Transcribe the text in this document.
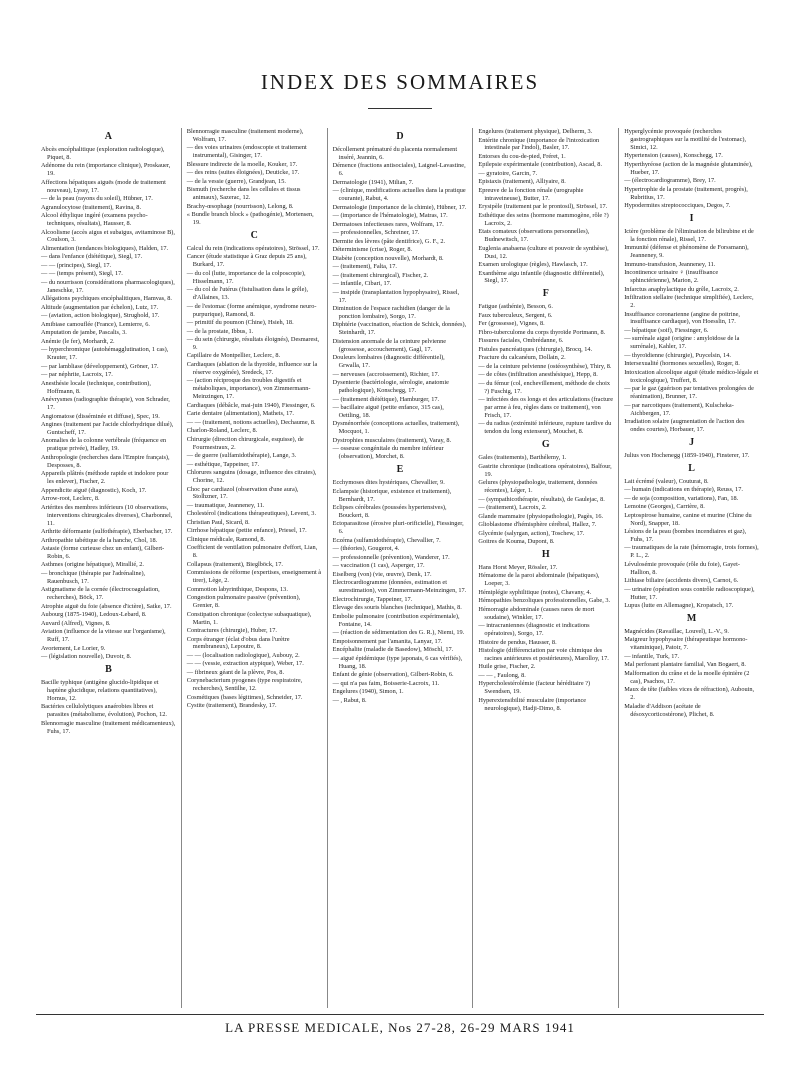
INDEX DES SOMMAIRES
A
Abcès encéphalitique (exploration radiologique), Piquet, 8.
Adénome du rein (importance clinique), Proskauer, 19.
Affections hépatiques aiguës (mode de traitement nouveau), Lyssy, 17.
— de la peau (rayons du soleil), Hübner, 17.
Agranulocytose (traitement), Ravina, 8.
Alcool éthylique ingéré (examens psycho-techniques, résultats), Hausser, 8.
Alcoolisme (accès aigus et subaigus, avitaminose B), Coulson, 3.
Alimentation (tendances biologiques), Halden, 17.
— dans l'enfance (diététique), Siegl, 17.
— — (principes), Siegl, 17.
— — (temps présent), Siegl, 17.
— du nourrisson (considérations pharmacologiques), Janeschke, 17.
Allégations psychiques encéphalitiques, Hamvas, 8.
Altitude (augmentation par échelon), Lutz, 17.
— (aviation, action biologique), Strughold, 17.
Amibiase camouflée (France), Lemierre, 6.
Amputation de jambe, Pascalis, 3.
Anémie (le fer), Morhardt, 2.
— hyperchromique (autohémagglutination, 1 cas), Krauter, 17.
— par lambliase (développement), Gröner, 17.
— par néphrite, Lacroix, 17.
Anesthésie locale (technique, contribution), Hoffmann, 8.
Anévrysmes (radiographie thérapie), von Schrader, 17.
Angiomatose (disséminée et diffuse), Spec, 19.
Angines (traitement par l'acide chlorhydrique dilué), Guntscheff, 17.
Anomalies de la colonne vertébrale (fréquence en pratique privée), Hadley, 19.
Anthropologie (recherches dans l'Empire français), Desposses, 8.
Appareils plâtrés (méthode rapide et indolore pour les enlever), Fischer, 2.
Appendicite aiguë (diagnostic), Koch, 17.
Arrow-root, Leclerc, 8.
Artérites des membres inférieurs (10 observations, interventions chirurgicales diverses), Charbonnel, 11.
Arthrite déformante (sulfothérapie), Eberbacher, 17.
Arthropathie tabétique de la hanche, Chol, 18.
Astasie (forme curieuse chez un enfant), Gilbert-Robin, 6.
Asthmes (origine hépatique), Mirallié, 2.
— bronchique (thérapie par l'adrénaline), Rauenbusch, 17.
Astigmatisme de la cornée (électrocoagulation, recherches), Böck, 17.
Atrophie aiguë du foie (absence d'ictère), Satke, 17.
Aubourg (1875-1940), Ledoux-Lebard, 8.
Auvard (Alfred), Vignes, 8.
Aviation (influence de la vitesse sur l'organisme), Ruff, 17.
Avortement, Le Lorier, 9.
— (législation nouvelle), Duvoir, 8.
B
Bacille typhique (antigène glucido-lipidique et haptène glucidique, relations quantitatives), Hornus, 12.
Bactéries cellulolytiques anaérobies libres et parasites (métabolisme, évolution), Pochon, 12.
Blennorragie masculine (traitement médicamenteux), Fuhs, 17.
Blennorragie masculine (traitement moderne), Wolfram, 17.
— des voies urinaires (endoscopie et traitement instrumental), Gisinger, 17.
Blessure indirecte de la moelle, Kouker, 17.
— des reins (suites éloignées), Deuticke, 17.
— de la vessie (guerre), Grandjean, 15.
Bismuth (recherche dans les cellules et tissus animaux), Sazerac, 12.
Brachy-œsophage (nourrisson), Lelong, 8.
« Bundle branch block » (pathogénie), Mortensen, 19.
C
Calcul du rein (indications opératoires), Strössel, 17.
Cancer (étude statistique à Graz depuis 25 ans), Burkard, 17.
— du col (lutte, importance de la colposcopie), Hisselmann, 17.
— du col de l'utérus (fistulisation dans le grêle), d'Allaines, 13.
— de l'estomac (forme anémique, syndrome neuro-purpurique), Ramond, 8.
— primitif du poumon (Chine), Hsieh, 18.
— de la prostate, Ibbus, 1.
— du sein (chirurgie, résultats éloignés), Desmarest, 9.
Capillaire de Montpellier, Leclerc, 8.
Cardiaques (ablation de la thyroïde, influence sur la réserve oxygénée), Sredeck, 17.
— (action réciproque des troubles digestifs et métaboliques, importance), von Zimmermann-Meinzingen, 17.
Cardiaques (débâcle, mai-juin 1940), Fiessinger, 6.
Carie dentaire (alimentation), Matheis, 17.
— — (traitement, notions actuelles), Dechaume, 8.
Charlon-Roland, Leclerc, 8.
Chirurgie (direction chirurgicale, esquisse), de Fourmestraux, 2.
— de guerre (sulfamidothérapie), Lange, 3.
— esthétique, Tappeiner, 17.
Chlorures sanguins (dosage, influence des citrates), Chorine, 12.
Choc par cardiazol (observation d'une aura), Stolhzner, 17.
— traumatique, Jeanneney, 11.
Cholestérol (indications thérapeutiques), Levent, 3.
Christian Paul, Sicard, 8.
Cirrhose hépatique (petite enfance), Priesel, 17.
Clinique médicale, Ramond, 8.
Coefficient de ventilation pulmonaire d'effort, Lian, 8.
Collapsus (traitement), Bieglböck, 17.
Commissions de réforme (expertises, enseignement à tirer), Lège, 2.
Commotion labyrinthique, Despons, 13.
Congestion pulmonaire passive (prévention), Grenier, 8.
Constipation chronique (colectyse subaquatique), Martin, 1.
Contractures (chirurgie), Huber, 17.
Corps étranger (éclat d'obus dans l'urètre membraneux), Lepoutre, 8.
— — (localisation radiologique), Aubouy, 2.
— — (vessie, extraction atypique), Weber, 17.
— fibrineux géant de la plèvre, Pos, 8.
Corynebacterium pyogenes (type respiratoire, recherches), Sentilhe, 12.
Cosmétiques (bases légitimes), Schneider, 17.
Cystite (traitement), Brandesky, 17.
D
Décollement prématuré du placenta normalement inséré, Jeannin, 6.
Démence (fractions antisociales), Laignel-Lavastine, 6.
Dermatologie (1941), Milian, 7.
— (clinique, modifications actuelles dans la pratique courante), Rabut, 4.
Dermatologie (importance de la chimie), Hübner, 17.
— (importance de l'hématologie), Matras, 17.
Dermatoses infectieuses rares, Wolfram, 17.
— professionnelles, Schreiner, 17.
Dermite des lèvres (pâte dentifrice), G. F., 2.
Déterminisme (crise), Roger, 8.
Diabète (conception nouvelle), Morhardt, 8.
— (traitement), Falta, 17.
— (traitement chirurgical), Fischer, 2.
— infantile, Cibari, 17.
— insipide (transplantation hypophysaire), Rissel, 17.
Diminution de l'espace rachidien (danger de la ponction lombaire), Sorgo, 17.
Diphtérie (vaccination, réaction de Schick, données), Steinhardt, 17.
Distension anormale de la ceinture pelvienne (grossesse, accouchement), Gagl, 17.
Douleurs lombaires (diagnostic différentiel), Grwalla, 17.
— nerveuses (accroissement), Richter, 17.
Dysenterie (bactériologie, sérologie, anatomie pathologique), Konschegg, 17.
— (traitement diététique), Hamburger, 17.
— bacillaire aiguë (petite enfance, 315 cas), Oettling, 18.
Dysménorrhée (conceptions actuelles, traitement), Mocquot, 1.
Dystrophies musculaires (traitement), Varay, 8.
— osseuse congénitale du membre inférieur (observation), Morchet, 8.
E
Ecchymoses dites hystériques, Chevallier, 9.
Eclampsie (historique, existence et traitement), Bernhardt, 17.
Eclipses cérébrales (poussées hypertensives), Bouckert, 8.
Ectoparasitose (érosive pluri-orificielle), Fiessinger, 6.
Eczéma (sulfamidothérapie), Chevallier, 7.
— (théories), Gougerot, 4.
— professionnelle (prévention), Wanderer, 17.
— vaccination (1 cas), Asperger, 17.
Eiselberg (von) (vie, œuvre), Denk, 17.
Electrocardiogramme (données, estimation et surestimation), von Zimmermann-Meinzingen, 17.
Electrochirurgie, Tappeiner, 17.
Elevage des souris blanches (technique), Mathis, 8.
Embolie pulmonaire (contribution expérimentale), Fontaine, 14.
— (réaction de sédimentation des G. R.), Niemi, 19.
Empoisonnement par l'amanita, Lanyar, 17.
Encéphalite (maladie de Basedow), Möschl, 17.
— aiguë épidémique (type japonais, 6 cas vérifiés), Huang, 18.
Enfant de génie (observation), Gilbert-Robin, 6.
— qui n'a pas faim, Boisserie-Lacroix, 11.
Engelures (1940), Simon, 1.
— , Rabut, 8.
Engelures (traitement physique), Delherm, 3.
Entérite chronique (importance de l'intoxication intestinale par l'indol), Basler, 17.
Entorses du cou-de-pied, Fréret, 1.
Epilepsie expérimentale (contribution), Ascad, 8.
— gyratoire, Garcin, 7.
Epistaxis (traitement), Alliyaire, 8.
Epreuve de la fonction rénale (urographie intraveineuse), Butter, 17.
Erysipèle (traitement par le prontosil), Strössel, 17.
Esthétique des seins (hormone mammogène, rôle ?) Lacroix, 2.
Etats comateux (observations personnelles), Budnewitsch, 17.
Euglenia anabaena (culture et pouvoir de synthèse), Dusi, 12.
Examen urologique (règles), Hawlasch, 17.
Exanthème aigu infantile (diagnostic différentiel), Siegl, 17.
F
Fatigue (asthénie), Besson, 6.
Faux tuberculeux, Sergent, 6.
Fer (grossesse), Vignes, 8.
Fibro-tuberculome du corps thyroïde Portmann, 8.
Fissures faciales, Ombrédanne, 6.
Fistules pancréatiques (chirurgie), Brocq, 14.
Fracture du calcanéum, Dollain, 2.
— de la ceinture pelvienne (ostéosynthèse), Thiry, 8.
— de côtes (infiltration anesthésique), Hepp, 8.
— du fémur (col, enchevillement, méthode de choix ?) Fuschig, 17.
— infectées des os longs et des articulations (fracture par arme à feu, règles dans ce traitement), von Frisch, 17.
— du radius (extrémité inférieure, rupture tardive du tendon du long extenseur), Mouchet, 8.
G
Gales (traitements), Barthélemy, 1.
Gastrite chronique (indications opératoires), Balfour, 19.
Gelures (physiopathologie, traitement, données récentes), Léger, 1.
— (sympathicothérapie, résultats), de Gaulejac, 8.
— (traitement), Lacroix, 2.
Glande mammaire (physiopathologie), Pagès, 16.
Glioblastome d'hémisphère cérébral, Hallez, 7.
Glycémie (salyrgan, action), Toschew, 17.
Goitres de Kouma, Dupont, 8.
H
Hans Horst Meyer, Rössler, 17.
Hématome de la paroi abdominale (hépatiques), Loeper, 3.
Hémiplégie syphilitique (notes), Chavany, 4.
Hémopathies benzoliques professionnelles, Gabe, 3.
Hémorragie abdominale (causes rares de mort soudaine), Winkler, 17.
— intracraniennes (diagnostic et indications opératoires), Sorgo, 17.
Histoire de pendus, Hausser, 8.
Histologie (différenciation par voie chimique des racines antérieures et postérieures), Marolloy, 17.
Huile grise, Fischer, 2.
— — , Faulong, 8.
Hypercholestérolémie (facteur héréditaire ?) Swendsen, 19.
Hyperextensibilité musculaire (importance neurologique), Hadji-Dimo, 8.
Hyperglycémie provoquée (recherches gastrographiques sur la motilité de l'estomac), Simici, 12.
Hypertension (causes), Konschegg, 17.
Hyperthyréose (action de la magnésie glutaminée), Hueber, 17.
— (électrocardiogramme), Brey, 17.
Hypertrophie de la prostate (traitement, progrès), Rubritius, 17.
Hypodermites streptococciques, Degos, 7.
I
Ictère (problème de l'élimination de bilirubine et de la fonction rénale), Rissel, 17.
Immunité (défense et phénomène de Forssmann), Jeanneney, 9.
Immuno-transfusion, Jeanneney, 11.
Incontinence urinaire ♀ (insuffisance sphinctérienne), Marion, 2.
Infarctus anaphylactique du grêle, Lacroix, 2.
Infiltration stellaire (technique simplifiée), Leclerc, 2.
Insuffisance coronarienne (angine de poitrine, insuffisance cardiaque), von Hoesslin, 17.
— hépatique (soif), Fiessinger, 6.
— surrénale aiguë (origine : amyloïdose de la surrénale), Kahler, 17.
— thyroïdienne (chirurgie), Puycelsin, 14.
Intersexualité (hormones sexuelles), Roger, 8.
Intoxication alcoolique aiguë (étude médico-légale et toxicologique), Truffert, 8.
— par le gaz (guérison par tentatives prolongées de réanimation), Brunner, 17.
— par narcotiques (traitement), Kulscheka-Aichbergen, 17.
Irradiation solaire (augmentation de l'action des ondes courtes), Horbauer, 17.
J
Julius von Hochenegg (1859-1940), Finsterer, 17.
L
Lait écrémé (valeur), Couturat, 8.
— humain (indications en thérapie), Reuss, 17.
— de soja (composition, variations), Fan, 18.
Lemoine (Georges), Carrière, 8.
Leptospirose humaine, canine et murine (Chine du Nord), Snapper, 18.
Lésions de la peau (bombes incendiaires et gaz), Fuhs, 17.
— traumatiques de la rate (hémorragie, trois formes), P. L., 2.
Lévulosémie provoquée (rôle du foie), Gayet-Hallion, 8.
Lithiase biliaire (accidents divers), Carnot, 6.
— urinaire (opération sous contrôle radioscopique), Hutter, 17.
Lupus (lutte en Allemagne), Kropatsch, 17.
M
Magnécides (Ravaillac, Louvel), L.-V., 9.
Maigreur hypophysaire (thérapeutique hormono-vitaminique), Patoir, 7.
— infantile, Turk, 17.
Mal perforant plantaire familial, Van Bogaert, 8.
Malformation du crâne et de la moelle épinière (2 cas), Psachos, 17.
Maux de tête (faibles vices de réfraction), Aubouin, 2.
Maladie d'Addison (acétate de désoxycorticostérone), Plichet, 8.
LA PRESSE MEDICALE, Nos 27-28, 26-29 MARS 1941
